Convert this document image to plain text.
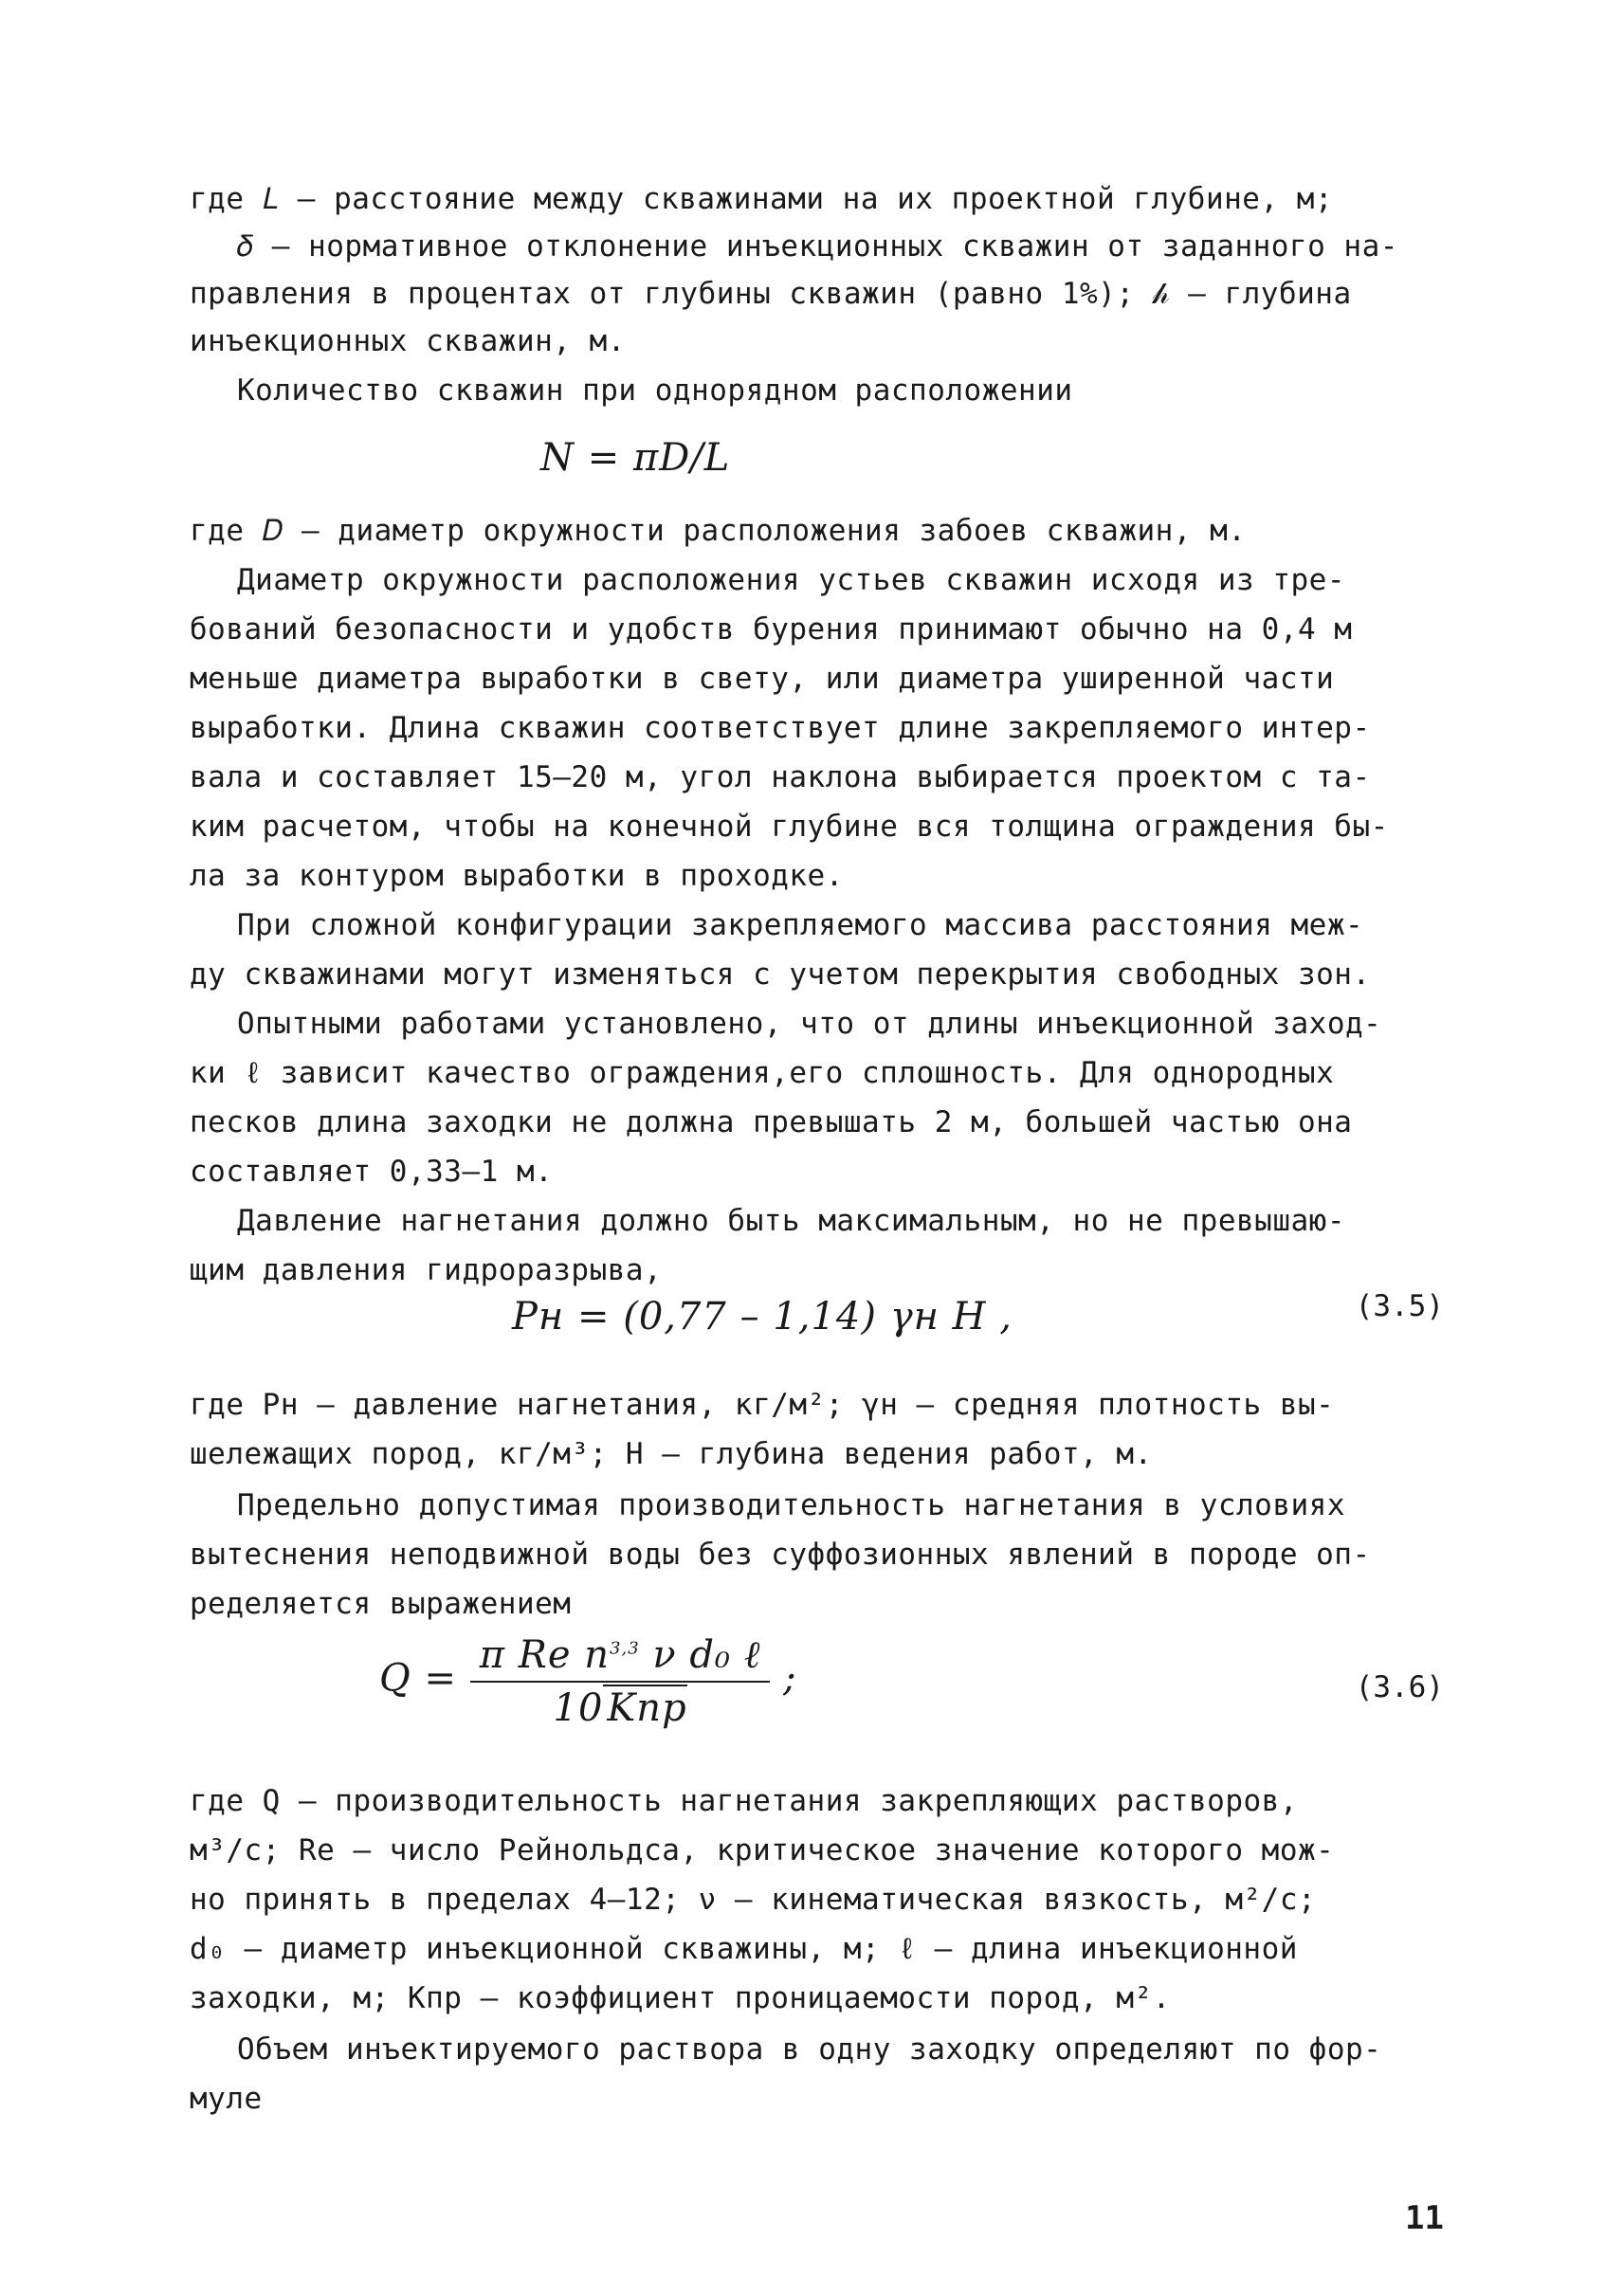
где 𝐿 – расстояние между скважинами на их проектной глубине, м;
𝛿 – нормативное отклонение инъекционных скважин от заданного на-
правления в процентах от глубины скважин (равно 1%); 𝒽 – глубина
инъекционных скважин, м.
Количество скважин при однорядном расположении
N = πD/L
где 𝐷 – диаметр окружности расположения забоев скважин, м.
Диаметр окружности расположения устьев скважин исходя из тре-
бований безопасности и удобств бурения принимают обычно на 0,4 м
меньше диаметра выработки в свету, или диаметра уширенной части
выработки. Длина скважин соответствует длине закрепляемого интер-
вала и составляет 15–20 м, угол наклона выбирается проектом с та-
ким расчетом, чтобы на конечной глубине вся толщина ограждения бы-
ла за контуром выработки в проходке.
При сложной конфигурации закрепляемого массива расстояния меж-
ду скважинами могут изменяться с учетом перекрытия свободных зон.
Опытными работами установлено, что от длины инъекционной заход-
ки ℓ зависит качество ограждения,его сплошность. Для однородных
песков длина заходки не должна превышать 2 м, большей частью она
составляет 0,33–1 м.
Давление нагнетания должно быть максимальным, но не превышаю-
щим давления гидроразрыва,
Pн = (0,77 – 1,14) γн H ,	(3.5)
где Pн – давление нагнетания, кг/м²; γн – средняя плотность вы-
шележащих пород, кг/м³; H – глубина ведения работ, м.
Предельно допустимая производительность нагнетания в условиях
вытеснения неподвижной воды без суффозионных явлений в породе оп-
ределяется выражением
$Q = \frac{\pi Re n^{3,3} \nu d_0 \ell}{\text{10 Kпр}}$ ;	(3.6)
где Q – производительность нагнетания закрепляющих растворов,
м³/с; Re – число Рейнольдса, критическое значение которого мож-
но принять в пределах 4–12; ν – кинематическая вязкость, м²/с;
d₀ – диаметр инъекционной скважины, м; ℓ – длина инъекционной
заходки, м; Kпр – коэффициент проницаемости пород, м².
Объем инъектируемого раствора в одну заходку определяют по фор-
муле
11
